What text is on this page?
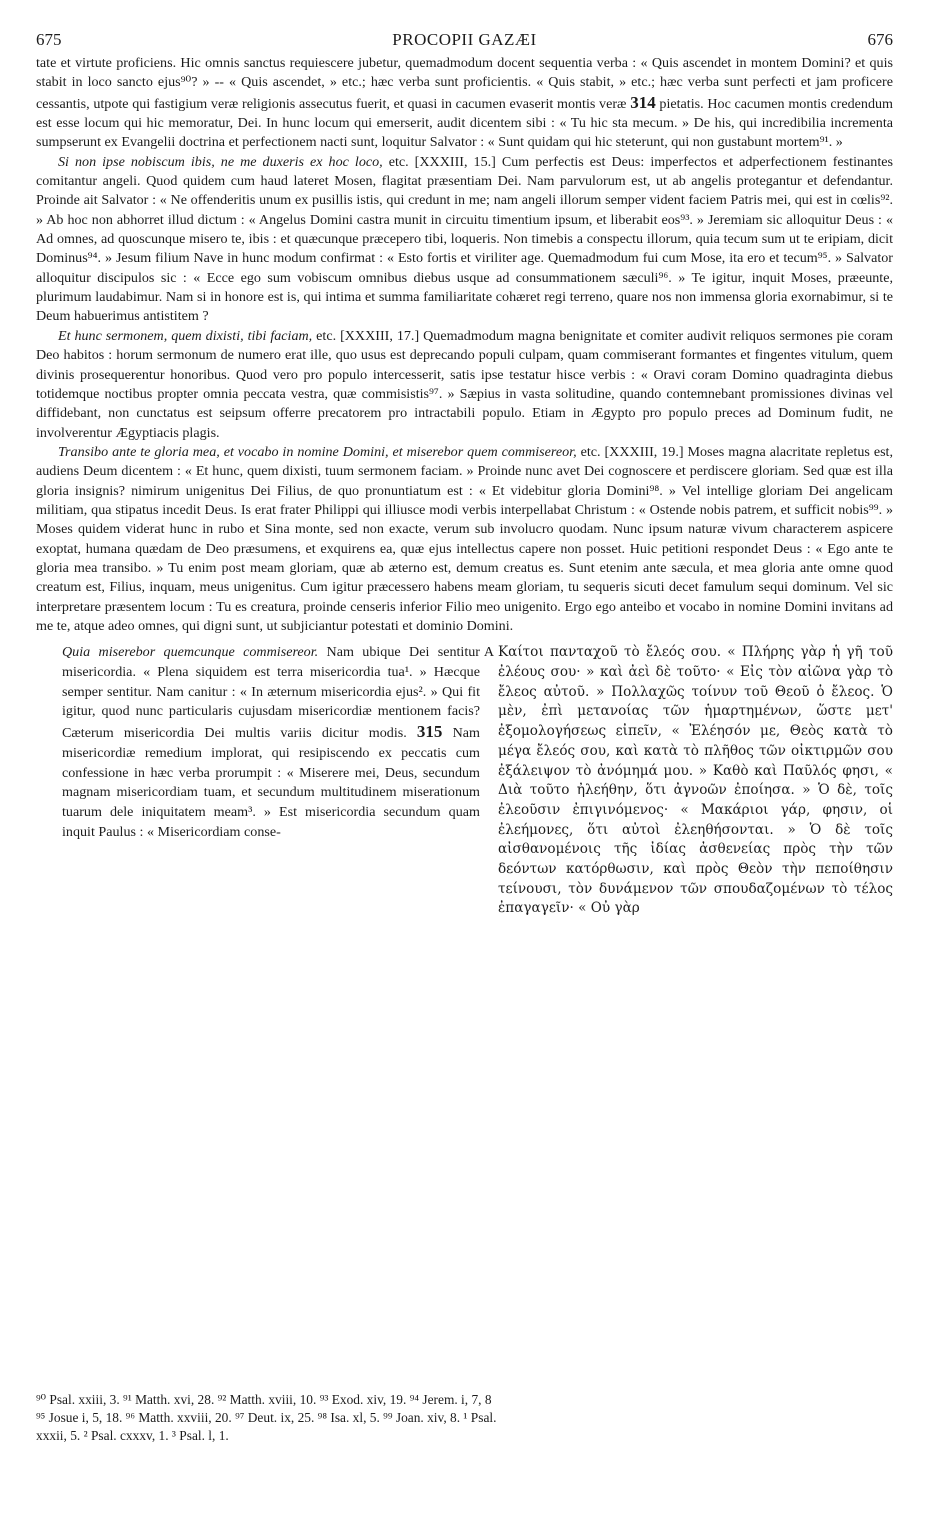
675	PROCOPII GAZÆI	676

tate et virtute proficiens. Hic omnis sanctus requiescere jubetur, quemadmodum docent sequentia verba : « Quis ascendet in montem Domini? et quis stabit in loco sancto ejus⁹⁰? » -- « Quis ascendet, » etc.; hæc verba sunt proficientis. « Quis stabit, » etc.; hæc verba sunt perfecti et jam proficere cessantis, utpote qui fastigium veræ religionis assecutus fuerit, et quasi in cacumen evaserit montis veræ 314 pietatis. Hoc cacumen montis credendum est esse locum qui hic memoratur, Dei. In hunc locum qui emerserit, audit dicentem sibi : « Tu hic sta mecum. » De his, qui incredibilia incrementa sumpserunt ex Evangelii doctrina et perfectionem nacti sunt, loquitur Salvator : « Sunt quidam qui hic steterunt, qui non gustabunt mortem⁹¹. »

Si non ipse nobiscum ibis, ne me duxeris ex hoc loco, etc. [XXXIII, 15.] Cum perfectis est Deus: imperfectos et adperfectionem festinantes comitantur angeli. Quod quidem cum haud lateret Mosen, flagitat præsentiam Dei. Nam parvulorum est, ut ab angelis protegantur et defendantur. Proinde ait Salvator : « Ne offenderitis unum ex pusillis istis, qui credunt in me; nam angeli illorum semper vident faciem Patris mei, qui est in cœlis⁹². » Ab hoc non abhorret illud dictum : « Angelus Domini castra munit in circuitu timentium ipsum, et liberabit eos⁹³. » Jeremiam sic alloquitur Deus : « Ad omnes, ad quoscunque misero te, ibis : et quæcunque præcepero tibi, loqueris. Non timebis a conspectu illorum, quia tecum sum ut te eripiam, dicit Dominus⁹⁴. » Jesum filium Nave in hunc modum confirmat : « Esto fortis et viriliter age. Quemadmodum fui cum Mose, ita ero et tecum⁹⁵. » Salvator alloquitur discipulos sic : « Ecce ego sum vobiscum omnibus diebus usque ad consummationem sæculi⁹⁶. » Te igitur, inquit Moses, præeunte, plurimum laudabimur. Nam si in honore est is, qui intima et summa familiaritate cohæret regi terreno, quare nos non immensa gloria exornabimur, si te Deum habuerimus antistitem ?

Et hunc sermonem, quem dixisti, tibi faciam, etc. [XXXIII, 17.] Quemadmodum magna benignitate et comiter audivit reliquos sermones pie coram Deo habitos : horum sermonum de numero erat ille, quo usus est deprecando populi culpam, quam commiserant formantes et fingentes vitulum, quem divinis prosequerentur honoribus. Quod vero pro populo intercesserit, satis ipse testatur hisce verbis : « Oravi coram Domino quadraginta diebus totidemque noctibus propter omnia peccata vestra, quæ commisistis⁹⁷. » Sæpius in vasta solitudine, quando contemnebant promissiones divinas vel diffidebant, non cunctatus est seipsum offerre precatorem pro intractabili populo. Etiam in Ægypto pro populo preces ad Dominum fudit, ne involverentur Ægyptiacis plagis.

Transibo ante te gloria mea, et vocabo in nomine Domini, et miserebor quem commisereor, etc. [XXXIII, 19.] Moses magna alacritate repletus est, audiens Deum dicentem : « Et hunc, quem dixisti, tuum sermonem faciam. » Proinde nunc avet Dei cognoscere et perdiscere gloriam. Sed quæ est illa gloria insignis? nimirum unigenitus Dei Filius, de quo pronuntiatum est : « Et videbitur gloria Domini⁹⁸. » Vel intellige gloriam Dei angelicam militiam, qua stipatus incedit Deus. Is erat frater Philippi qui illiusce modi verbis interpellabat Christum : « Ostende nobis patrem, et sufficit nobis⁹⁹. » Moses quidem viderat hunc in rubo et Sina monte, sed non exacte, verum sub involucro quodam. Nunc ipsum naturæ vivum characterem aspicere exoptat, humana quædam de Deo præsumens, et exquirens ea, quæ ejus intellectus capere non posset. Huic petitioni respondet Deus : « Ego ante te gloria mea transibo. » Tu enim post meam gloriam, quæ ab æterno est, demum creatus es. Sunt etenim ante sæcula, et mea gloria ante omne quod creatum est, Filius, inquam, meus unigenitus. Cum igitur præcessero habens meam gloriam, tu sequeris sicuti decet famulum sequi dominum. Vel sic interpretare præsentem locum : Tu es creatura, proinde censeris inferior Filio meo unigenito. Ergo ego anteibo et vocabo in nomine Domini invitans ad me te, atque adeo omnes, qui digni sunt, ut subjiciantur potestati et dominio Domini.

A

Quia miserebor quemcunque commisereor. Nam ubique Dei sentitur misericordia. « Plena siquidem est terra misericordia tua¹. » Hæcque semper sentitur. Nam canitur : « In æternum misericordia ejus². » Qui fit igitur, quod nunc particularis cujusdam misericordiæ mentionem facis? Cæterum misericordia Dei multis variis dicitur modis. 315 Nam misericordiæ remedium implorat, qui resipiscendo ex peccatis cum confessione in hæc verba prorumpit : « Miserere mei, Deus, secundum magnam misericordiam tuam, et secundum multitudinem miserationum tuarum dele iniquitatem meam³. » Est misericordia secundum quam inquit Paulus : « Misericordiam conse-

Καίτοι πανταχοῦ τὸ ἔλεός σου. « Πλήρης γὰρ ἡ γῆ τοῦ ἐλέους σου· » καὶ ἀεὶ δὲ τοῦτο· « Εἰς τὸν αἰῶνα γὰρ τὸ ἔλεος αὐτοῦ. » Πολλαχῶς τοίνυν τοῦ Θεοῦ ὁ ἔλεος. Ὁ μὲν, ἐπὶ μετανοίας τῶν ἡμαρτημένων, ὥστε μετ' ἐξομολογήσεως εἰπεῖν, « Ἐλέησόν με, Θεὸς κατὰ τὸ μέγα ἔλεός σου, καὶ κατὰ τὸ πλῆθος τῶν οἰκτιρμῶν σου ἐξάλειψον τὸ ἀνόμημά μου. » Καθὸ καὶ Παῦλός φησι, « Διὰ τοῦτο ἠλεήθην, ὅτι ἀγνοῶν ἐποίησα. » Ὁ δὲ, τοῖς ἐλεοῦσιν ἐπιγινόμενος· « Μακάριοι γάρ, φησιν, οἱ ἐλεήμονες, ὅτι αὐτοὶ ἐλεηθήσονται. » Ὁ δὲ τοῖς αἰσθανομένοις τῆς ἰδίας ἀσθενείας πρὸς τὴν τῶν δεόντων κατόρθωσιν, καὶ πρὸς Θεὸν τὴν πεποίθησιν τείνουσι, τὸν δυνάμενον τῶν σπουδαζομένων τὸ τέλος ἐπαγαγεῖν· « Οὐ γὰρ

⁹⁰ Psal. xxiii, 3. ⁹¹ Matth. xvi, 28. ⁹² Matth. xviii, 10. ⁹³ Exod. xiv, 19. ⁹⁴ Jerem. i, 7, 8
⁹⁵ Josue i, 5, 18. ⁹⁶ Matth. xxviii, 20. ⁹⁷ Deut. ix, 25. ⁹⁸ Isa. xl, 5. ⁹⁹ Joan. xiv, 8. ¹ Psal.
xxxii, 5. ² Psal. cxxxv, 1. ³ Psal. l, 1.
